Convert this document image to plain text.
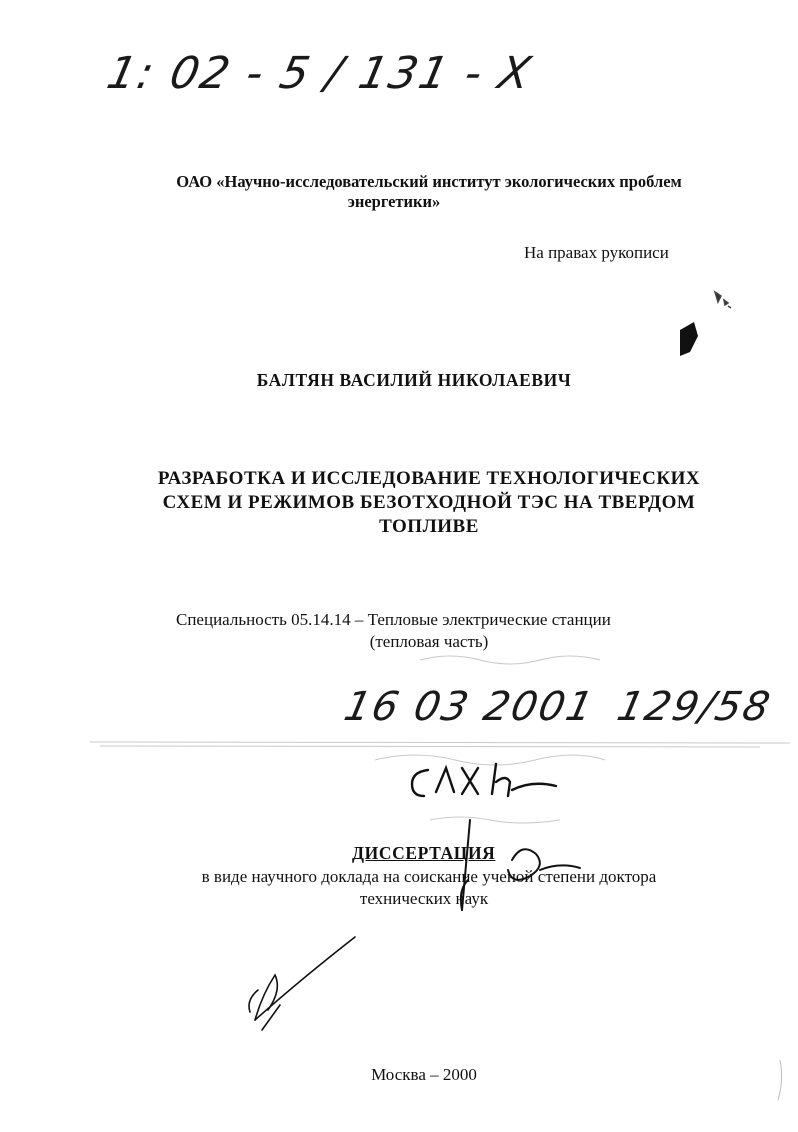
1: 02 - 5 / 131 - X
ОАО «Научно-исследовательский институт экологических проблем
энергетики»
На правах рукописи
БАЛТЯН ВАСИЛИЙ НИКОЛАЕВИЧ
РАЗРАБОТКА И ИССЛЕДОВАНИЕ ТЕХНОЛОГИЧЕСКИХ
СХЕМ И РЕЖИМОВ БЕЗОТХОДНОЙ ТЭС НА ТВЕРДОМ
ТОПЛИВЕ
Специальность 05.14.14 – Тепловые электрические станции
(тепловая часть)
16 03 2001 129/58
ДИССЕРТАЦИЯ
в виде научного доклада на соискание ученой степени доктора
технических наук
Москва – 2000
